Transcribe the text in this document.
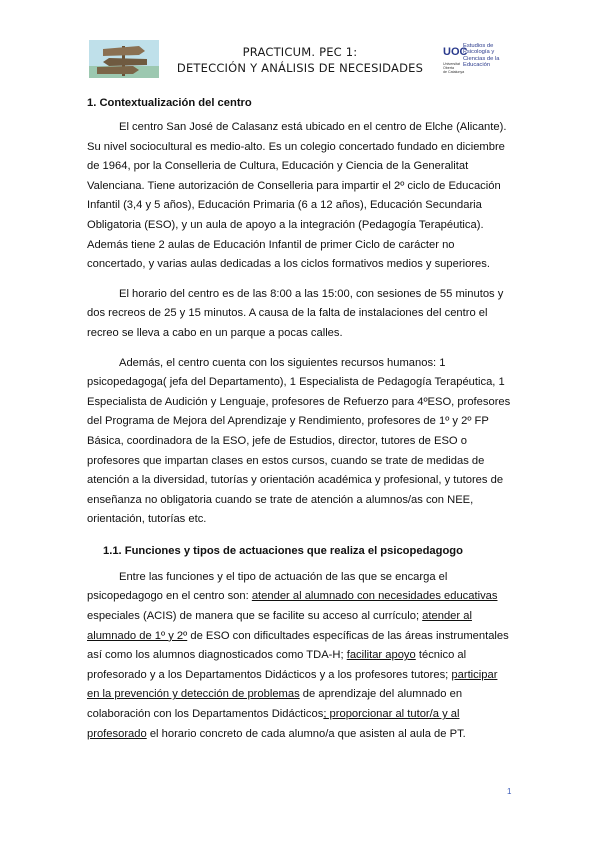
PRACTICUM. PEC 1:
DETECCIÓN Y ANÁLISIS DE NECESIDADES
UOC
Estudios de
Psicología y
Ciencias de la
Educación
Universitat
Oberta
de Catalunya
1. Contextualización del centro

El centro San José de Calasanz está ubicado en el centro de Elche (Alicante). Su nivel sociocultural es medio-alto. Es un colegio concertado fundado en diciembre de 1964, por la Conselleria de Cultura, Educación y Ciencia de la Generalitat Valenciana. Tiene autorización de Conselleria para impartir el 2º ciclo de Educación Infantil (3,4 y 5 años), Educación Primaria (6 a 12 años), Educación Secundaria Obligatoria (ESO), y un aula de apoyo a la integración (Pedagogía Terapéutica). Además tiene 2 aulas de Educación Infantil de primer Ciclo de carácter no concertado, y varias aulas dedicadas a los ciclos formativos medios y superiores.

El horario del centro es de las 8:00 a las 15:00, con sesiones de 55 minutos y dos recreos de 25 y 15 minutos. A causa de la falta de instalaciones del centro el recreo se lleva a cabo en un parque a pocas calles.

Además, el centro cuenta con los siguientes recursos humanos: 1 psicopedagoga( jefa del Departamento), 1 Especialista de Pedagogía Terapéutica, 1 Especialista de Audición y Lenguaje, profesores de Refuerzo para 4ºESO, profesores del Programa de Mejora del Aprendizaje y Rendimiento, profesores de 1º y 2º FP Básica, coordinadora de la ESO, jefe de Estudios, director, tutores de ESO o profesores que impartan clases en estos cursos, cuando se trate de medidas de atención a la diversidad, tutorías y orientación académica y profesional, y tutores de enseñanza no obligatoria cuando se trate de atención a alumnos/as con NEE, orientación, tutorías etc.

1.1. Funciones y tipos de actuaciones que realiza el psicopedagogo

Entre las funciones y el tipo de actuación de las que se encarga el psicopedagogo en el centro son: atender al alumnado con necesidades educativas especiales (ACIS) de manera que se facilite su acceso al currículo; atender al alumnado de 1º y 2º de ESO con dificultades específicas de las áreas instrumentales así como los alumnos diagnosticados como TDA-H; facilitar apoyo técnico al profesorado y a los Departamentos Didácticos y a los profesores tutores; participar en la prevención y detección de problemas de aprendizaje del alumnado en colaboración con los Departamentos Didácticos; proporcionar al tutor/a y al profesorado el horario concreto de cada alumno/a que asisten al aula de PT.

1
